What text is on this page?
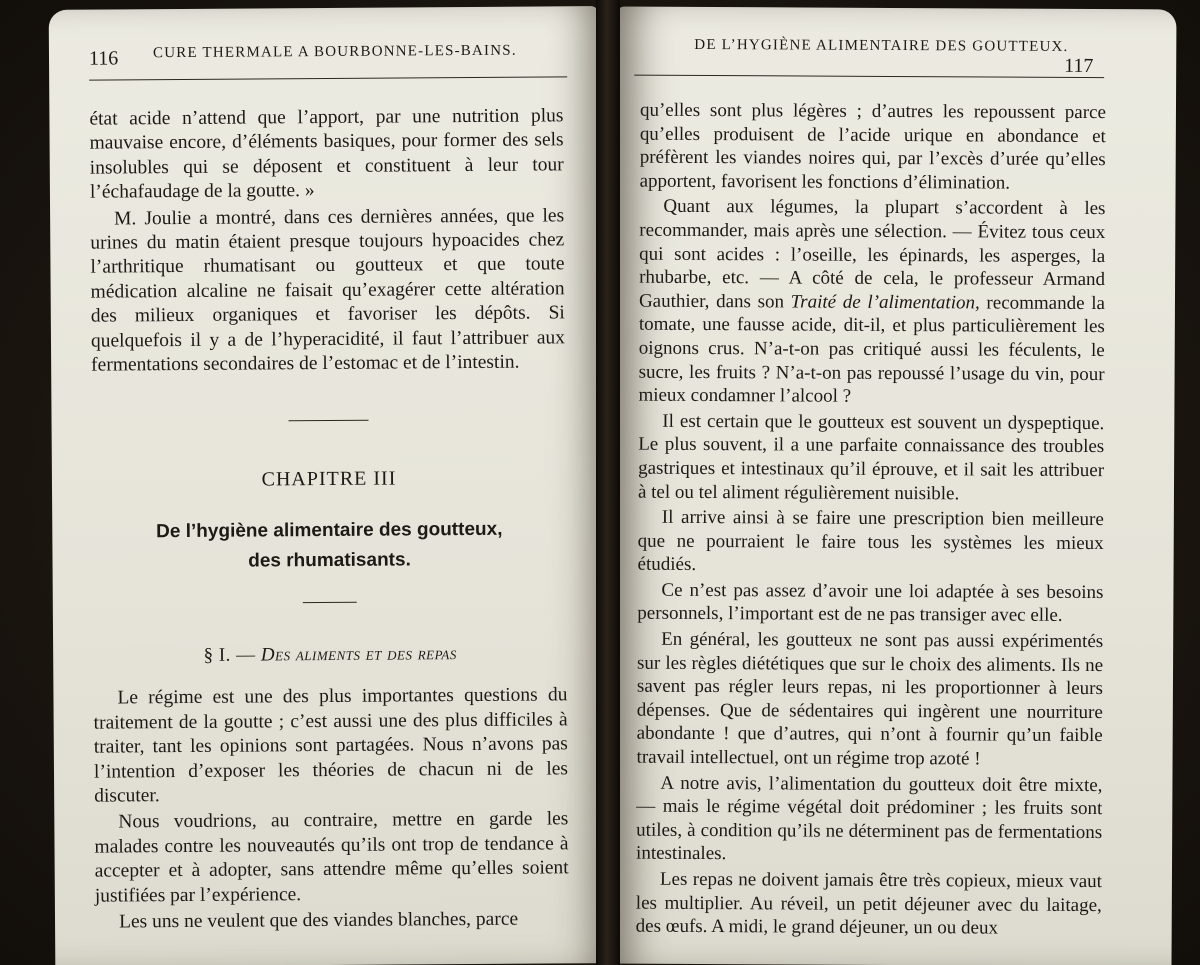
116 CURE THERMALE A BOURBONNE-LES-BAINS.

état acide n’attend que l’apport, par une nutrition plus mauvaise encore, d’éléments basiques, pour former des sels insolubles qui se déposent et constituent à leur tour l’échafaudage de la goutte. »

M. Joulie a montré, dans ces dernières années, que les urines du matin étaient presque toujours hypoacides chez l’arthritique rhumatisant ou goutteux et que toute médication alcaline ne faisait qu’exagérer cette altération des milieux organiques et favoriser les dépôts. Si quelquefois il y a de l’hyperacidité, il faut l’attribuer aux fermentations secondaires de l’estomac et de l’intestin.

CHAPITRE III
De l’hygiène alimentaire des goutteux,
des rhumatisants.
§ I. — Des aliments et des repas

Le régime est une des plus importantes questions du traitement de la goutte ; c’est aussi une des plus difficiles à traiter, tant les opinions sont partagées. Nous n’avons pas l’intention d’exposer les théories de chacun ni de les discuter.

Nous voudrions, au contraire, mettre en garde les malades contre les nouveautés qu’ils ont trop de tendance à accepter et à adopter, sans attendre même qu’elles soient justifiées par l’expérience.

Les uns ne veulent que des viandes blanches, parce

DE L’HYGIÈNE ALIMENTAIRE DES GOUTTEUX.
117

qu’elles sont plus légères ; d’autres les repoussent parce qu’elles produisent de l’acide urique en abondance et préfèrent les viandes noires qui, par l’excès d’urée qu’elles apportent, favorisent les fonctions d’élimination.

Quant aux légumes, la plupart s’accordent à les recommander, mais après une sélection. — Évitez tous ceux qui sont acides : l’oseille, les épinards, les asperges, la rhubarbe, etc. — A côté de cela, le professeur Armand Gauthier, dans son Traité de l’alimentation, recommande la tomate, une fausse acide, dit-il, et plus particulièrement les oignons crus. N’a-t-on pas critiqué aussi les féculents, le sucre, les fruits ? N’a-t-on pas repoussé l’usage du vin, pour mieux condamner l’alcool ?

Il est certain que le goutteux est souvent un dyspeptique. Le plus souvent, il a une parfaite connaissance des troubles gastriques et intestinaux qu’il éprouve, et il sait les attribuer à tel ou tel aliment régulièrement nuisible.

Il arrive ainsi à se faire une prescription bien meilleure que ne pourraient le faire tous les systèmes les mieux étudiés.

Ce n’est pas assez d’avoir une loi adaptée à ses besoins personnels, l’important est de ne pas transiger avec elle.

En général, les goutteux ne sont pas aussi expérimentés sur les règles diététiques que sur le choix des aliments. Ils ne savent pas régler leurs repas, ni les proportionner à leurs dépenses. Que de sédentaires qui ingèrent une nourriture abondante ! que d’autres, qui n’ont à fournir qu’un faible travail intellectuel, ont un régime trop azoté !

A notre avis, l’alimentation du goutteux doit être mixte, — mais le régime végétal doit prédominer ; les fruits sont utiles, à condition qu’ils ne déterminent pas de fermentations intestinales.

Les repas ne doivent jamais être très copieux, mieux vaut les multiplier. Au réveil, un petit déjeuner avec du laitage, des œufs. A midi, le grand déjeuner, un ou deux
